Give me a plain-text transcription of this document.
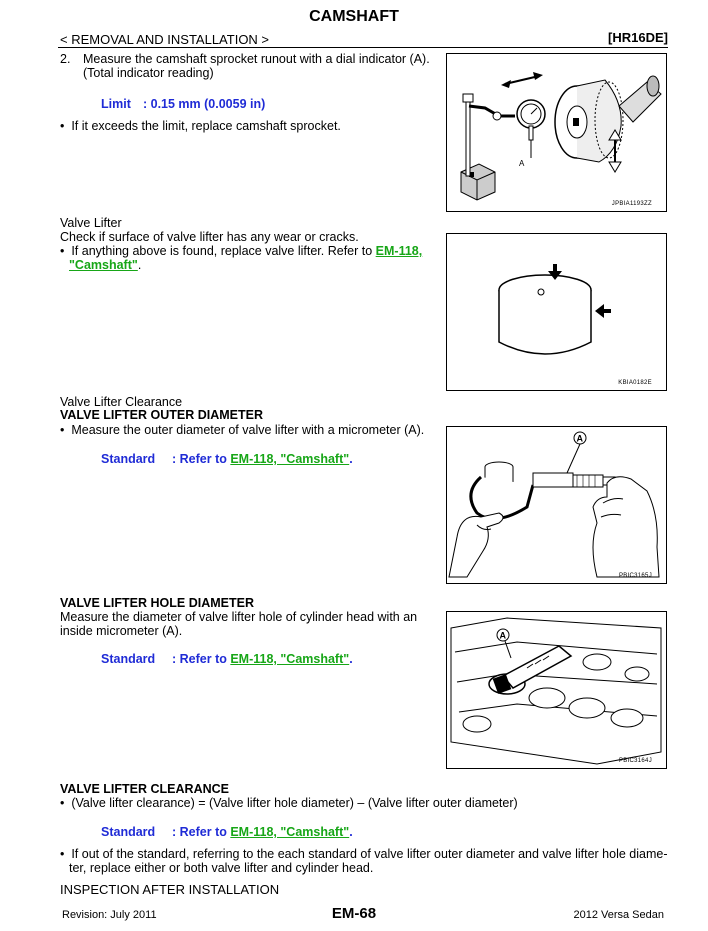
CAMSHAFT
< REMOVAL AND INSTALLATION >	[HR16DE]
2. Measure the camshaft sprocket runout with a dial indicator (A).
(Total indicator reading)
Limit : 0.15 mm (0.0059 in)
•  If it exceeds the limit, replace camshaft sprocket.
A
JPBIA1193ZZ
Valve Lifter
Check if surface of valve lifter has any wear or cracks.
•  If anything above is found, replace valve lifter. Refer to EM-118,
"Camshaft".
KBIA0182E
Valve Lifter Clearance
VALVE LIFTER OUTER DIAMETER
•  Measure the outer diameter of valve lifter with a micrometer (A).
Standard : Refer to EM-118, "Camshaft".
A
PBIC3165J
VALVE LIFTER HOLE DIAMETER
Measure the diameter of valve lifter hole of cylinder head with an
inside micrometer (A).
Standard : Refer to EM-118, "Camshaft".
A
PBIC3164J
VALVE LIFTER CLEARANCE
•  (Valve lifter clearance) = (Valve lifter hole diameter) – (Valve lifter outer diameter)
Standard : Refer to EM-118, "Camshaft".
•  If out of the standard, referring to the each standard of valve lifter outer diameter and valve lifter hole diame-
ter, replace either or both valve lifter and cylinder head.
INSPECTION AFTER INSTALLATION
Revision: July 2011	EM-68	2012 Versa Sedan
